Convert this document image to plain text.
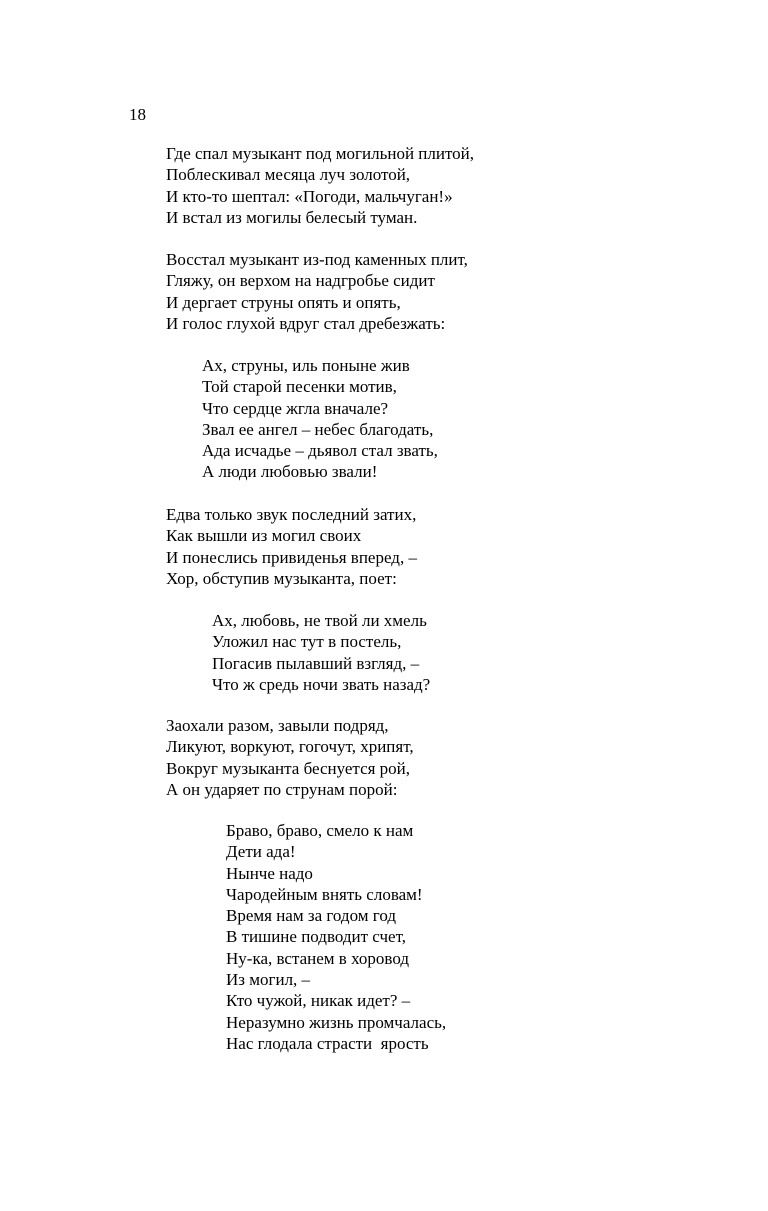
18
Где спал музыкант под могильной плитой,
Поблескивал месяца луч золотой,
И кто-то шептал: «Погоди, мальчуган!»
И встал из могилы белесый туман.
Восстал музыкант из-под каменных плит,
Гляжу, он верхом на надгробье сидит
И дергает струны опять и опять,
И голос глухой вдруг стал дребезжать:
Ах, струны, иль поныне жив
Той старой песенки мотив,
Что сердце жгла вначале?
Звал ее ангел – небес благодать,
Ада исчадье – дьявол стал звать,
А люди любовью звали!
Едва только звук последний затих,
Как вышли из могил своих
И понеслись привиденья вперед, –
Хор, обступив музыканта, поет:
Ах, любовь, не твой ли хмель
Уложил нас тут в постель,
Погасив пылавший взгляд, –
Что ж средь ночи звать назад?
Заохали разом, завыли подряд,
Ликуют, воркуют, гогочут, хрипят,
Вокруг музыканта беснуется рой,
А он ударяет по струнам порой:
Браво, браво, смело к нам
Дети ада!
Нынче надо
Чародейным внять словам!
Время нам за годом год
В тишине подводит счет,
Ну-ка, встанем в хоровод
Из могил, –
Кто чужой, никак идет? –
Неразумно жизнь промчалась,
Нас глодала страсти  ярость
